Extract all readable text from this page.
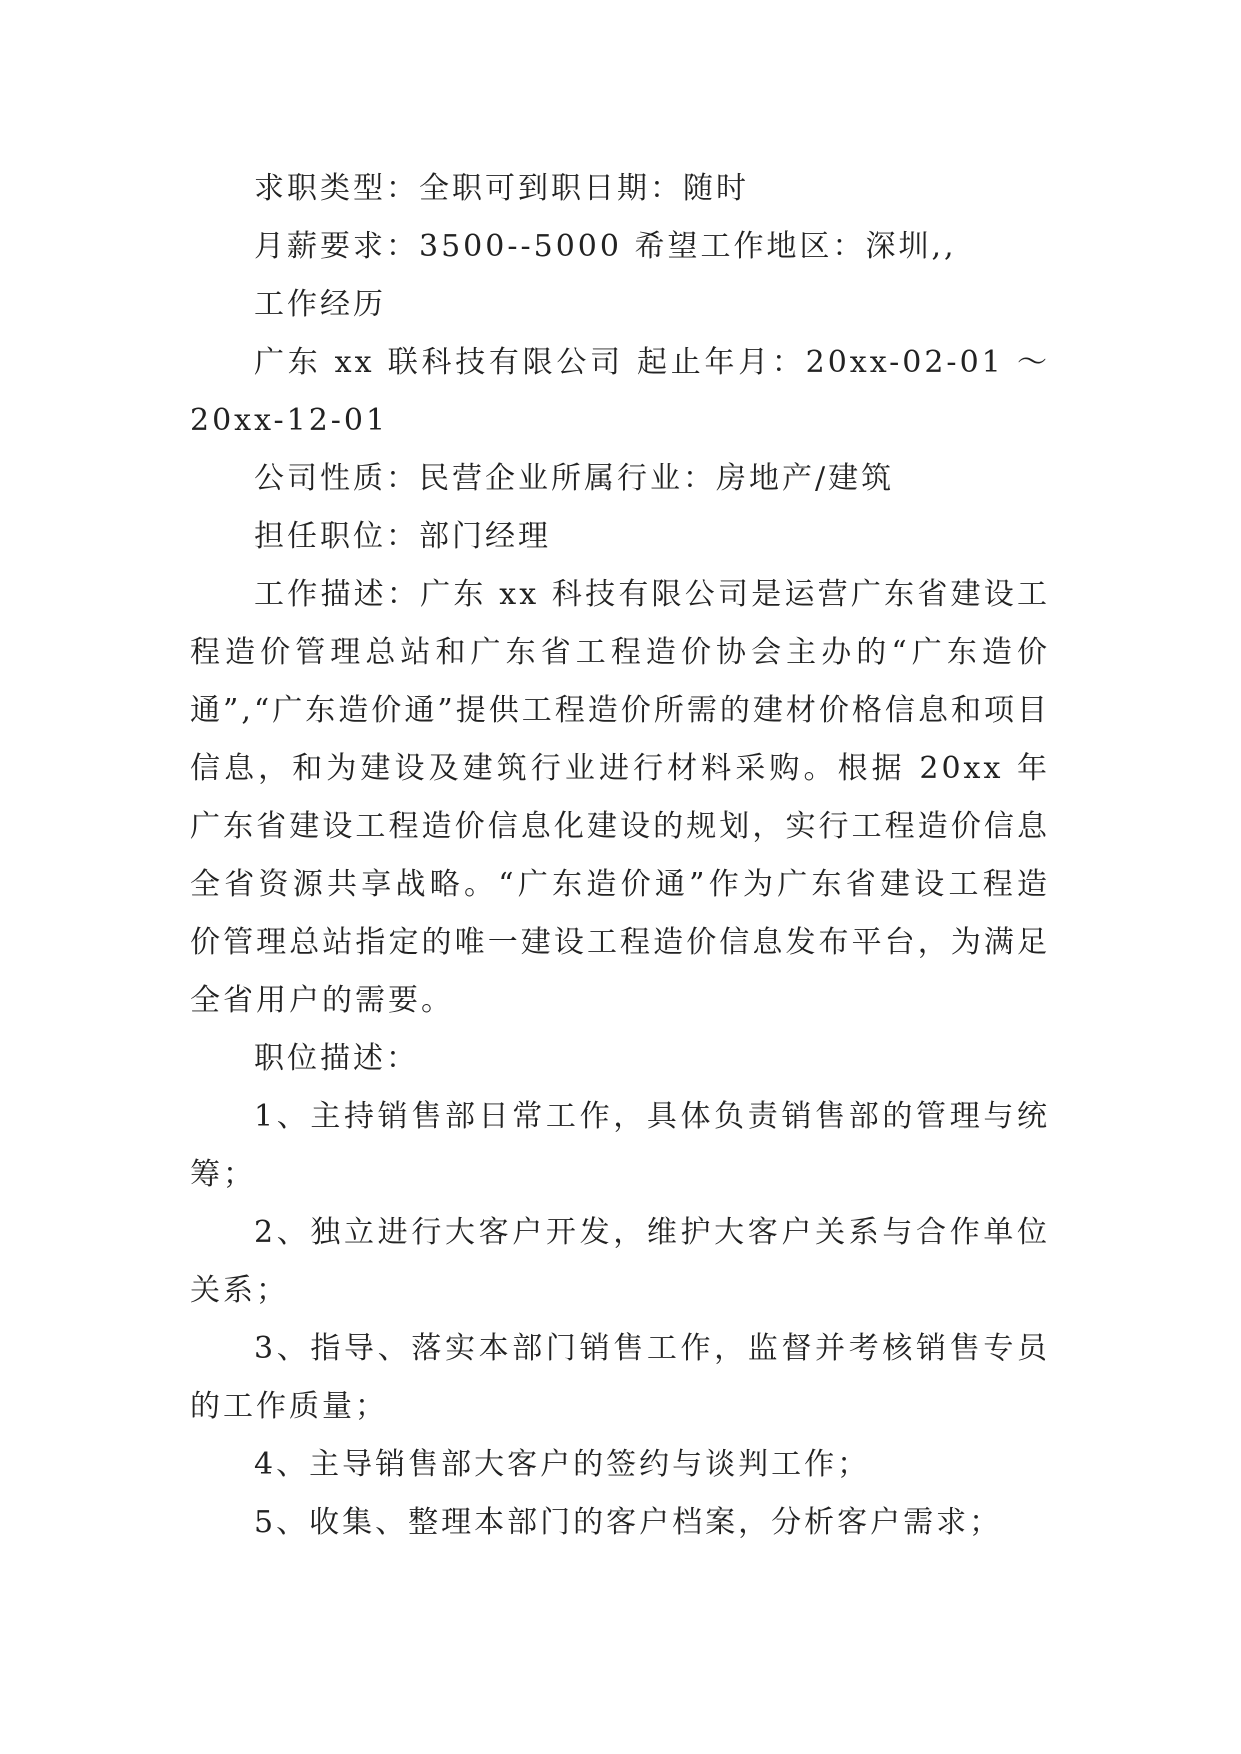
求职类型：全职可到职日期：随时

月薪要求：3500--5000 希望工作地区：深圳,,

工作经历

广东 xx 联科技有限公司 起止年月：20xx-02-01 ～ 20xx-12-01

公司性质：民营企业所属行业：房地产/建筑

担任职位：部门经理

工作描述：广东 xx 科技有限公司是运营广东省建设工程造价管理总站和广东省工程造价协会主办的“广东造价通”,“广东造价通”提供工程造价所需的建材价格信息和项目信息，和为建设及建筑行业进行材料采购。根据 20xx 年广东省建设工程造价信息化建设的规划，实行工程造价信息全省资源共享战略。“广东造价通”作为广东省建设工程造价管理总站指定的唯一建设工程造价信息发布平台，为满足全省用户的需要。

职位描述：

1、主持销售部日常工作，具体负责销售部的管理与统筹；

2、独立进行大客户开发，维护大客户关系与合作单位关系；

3、指导、落实本部门销售工作，监督并考核销售专员的工作质量；

4、主导销售部大客户的签约与谈判工作；

5、收集、整理本部门的客户档案，分析客户需求；
